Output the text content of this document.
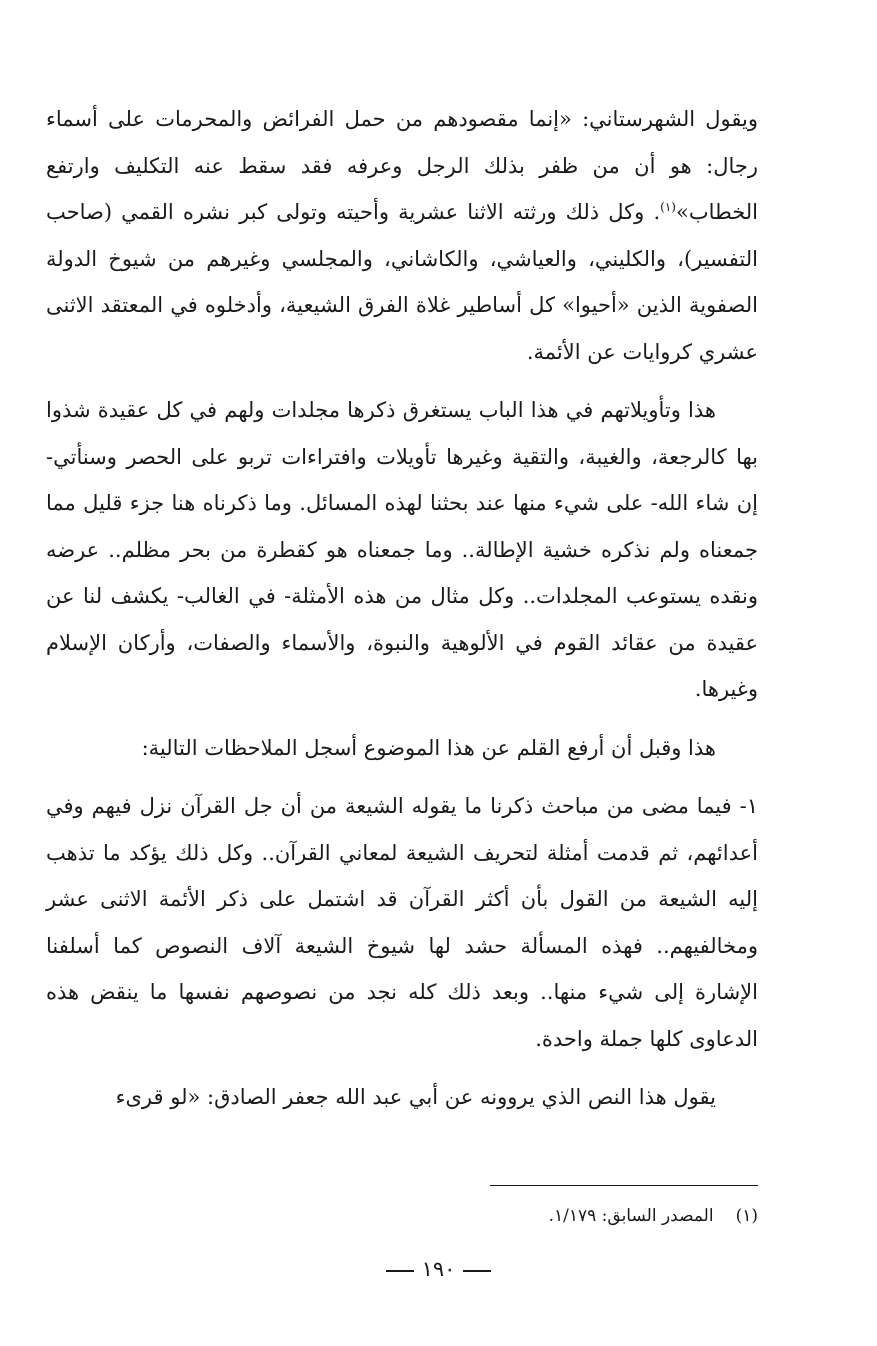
ويقول الشهرستاني: «إنما مقصودهم من حمل الفرائض والمحرمات على أسماء رجال: هو أن من ظفر بذلك الرجل وعرفه فقد سقط عنه التكليف وارتفع الخطاب»$^{(١)}$. وكل ذلك ورثته الاثنا عشرية وأحيته وتولى كبر نشره القمي (صاحب التفسير)، والكليني، والعياشي، والكاشاني، والمجلسي وغيرهم من شيوخ الدولة الصفوية الذين «أحيوا» كل أساطير غلاة الفرق الشيعية، وأدخلوه في المعتقد الاثنى عشري كروايات عن الأئمة.

هذا وتأويلاتهم في هذا الباب يستغرق ذكرها مجلدات ولهم في كل عقيدة شذوا بها كالرجعة، والغيبة، والتقية وغيرها تأويلات وافتراءات تربو على الحصر وسنأتي- إن شاء الله- على شيء منها عند بحثنا لهذه المسائل. وما ذكرناه هنا جزء قليل مما جمعناه ولم نذكره خشية الإطالة.. وما جمعناه هو كقطرة من بحر مظلم.. عرضه ونقده يستوعب المجلدات.. وكل مثال من هذه الأمثلة- في الغالب- يكشف لنا عن عقيدة من عقائد القوم في الألوهية والنبوة، والأسماء والصفات، وأركان الإسلام وغيرها.

هذا وقبل أن أرفع القلم عن هذا الموضوع أسجل الملاحظات التالية:

١- فيما مضى من مباحث ذكرنا ما يقوله الشيعة من أن جل القرآن نزل فيهم وفي أعدائهم، ثم قدمت أمثلة لتحريف الشيعة لمعاني القرآن.. وكل ذلك يؤكد ما تذهب إليه الشيعة من القول بأن أكثر القرآن قد اشتمل على ذكر الأئمة الاثنى عشر ومخالفيهم.. فهذه المسألة حشد لها شيوخ الشيعة آلاف النصوص كما أسلفنا الإشارة إلى شيء منها.. وبعد ذلك كله نجد من نصوصهم نفسها ما ينقض هذه الدعاوى كلها جملة واحدة.

يقول هذا النص الذي يروونه عن أبي عبد الله جعفر الصادق: «لو قرىء

(١)المصدر السابق: ١/١٧٩.
١٩٠
